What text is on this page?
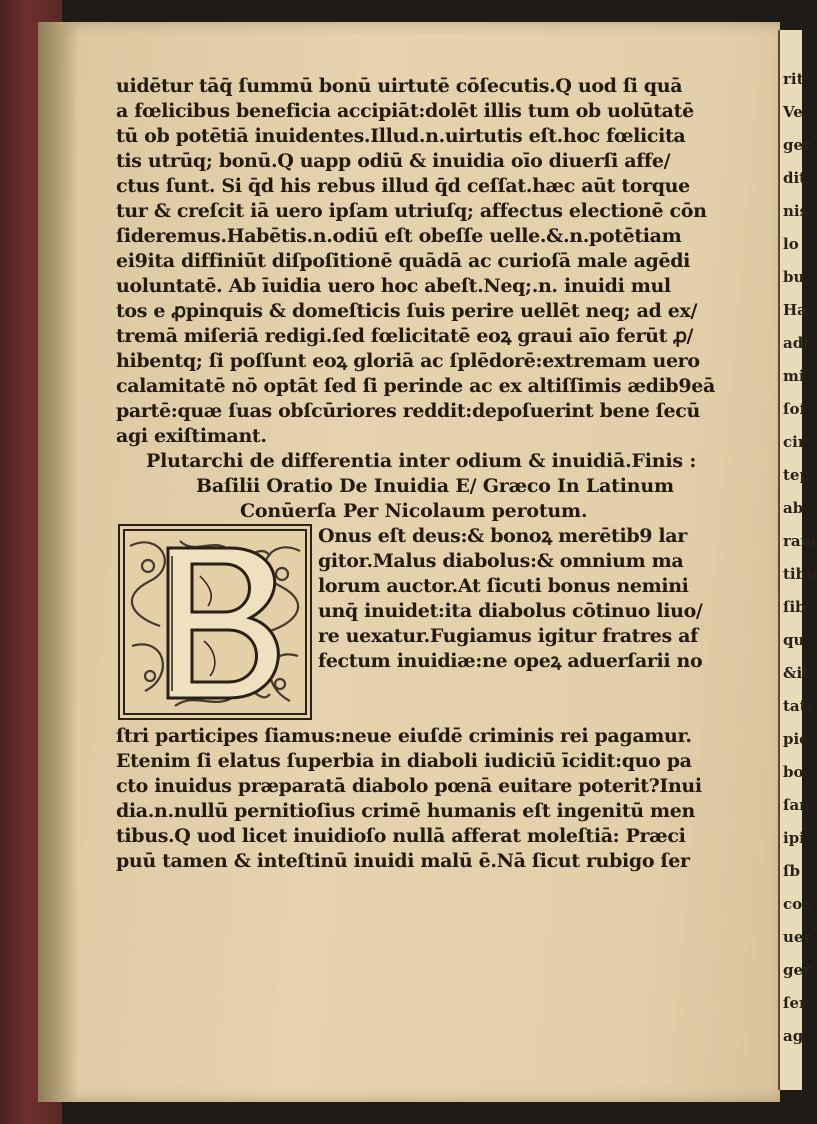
rit
Ve
ger
dit
nis
lo
bu
Ha
adi
mi
ſof
cir
tep
ab
ram
tibu
ſib
qu
&il
tate
pie
bo
ſan
ipi
ſb
con
uer
ger
ſer
ag
uidētur tāq̄ ſummū bonū uirtutē cōſecutis.Q uod ſi quā
a fœlicibus beneficia accipiāt:dolēt illis tum ob uolūtatē
tū ob potētiā inuidentes.Illud.n.uirtutis eſt.hoc fœlicita
tis utrūq; bonū.Q uapp odiū & inuidia oīo diuerſi affe/
ctus ſunt. Si q̄d his rebus illud q̄d ceſſat.hæc aūt torque
tur & creſcit iā uero ipſam utriuſq; affectus electionē cōn
ſideremus.Habētis.n.odiū eſt obeſſe uelle.&.n.potētiam
ei9ita diffiniūt diſpoſitionē quādā ac curioſā male agēdi
uoluntatē. Ab īuidia uero hoc abeſt.Neq;.n. inuidi mul
tos e ꝓpinquis & domeſticis ſuis perire uellēt neq; ad ex/
tremā miſeriā redigi.ſed fœlicitatē eoꝝ graui aīo ferūt ꝓ/
hibentq; ſi poſſunt eoꝝ gloriā ac ſplēdorē:extremam uero
calamitatē nō optāt ſed ſi perinde ac ex altiſſimis ædib9eā
partē:quæ ſuas obſcūriores reddit:depoſuerint bene ſecū
agi exiſtimant.
Plutarchi de differentia inter odium & inuidiā.Finis :
Baſilii Oratio De Inuidia E/ Græco In Latinum
Conūerſa Per Nicolaum perotum.
Onus eſt deus:& bonoꝝ merētib9 lar
gitor.Malus diabolus:& omnium ma
lorum auctor.At ſicuti bonus nemini
unq̄ inuidet:ita diabolus cōtinuo liuo/
re uexatur.Fugiamus igitur fratres af
fectum inuidiæ:ne opeꝝ aduerſarii no
ſtri participes ſiamus:neue eiuſdē criminis rei pagamur.
Etenim ſi elatus ſuperbia in diaboli iudiciū īcidit:quo pa
cto inuidus præparatā diabolo pœnā euitare poterit?Inui
dia.n.nullū pernitioſius crimē humanis eſt ingenitū men
tibus.Q uod licet inuidioſo nullā afferat moleſtiā: Præci
puū tamen & inteſtinū inuidi malū ē.Nā ſicut rubigo ſer
